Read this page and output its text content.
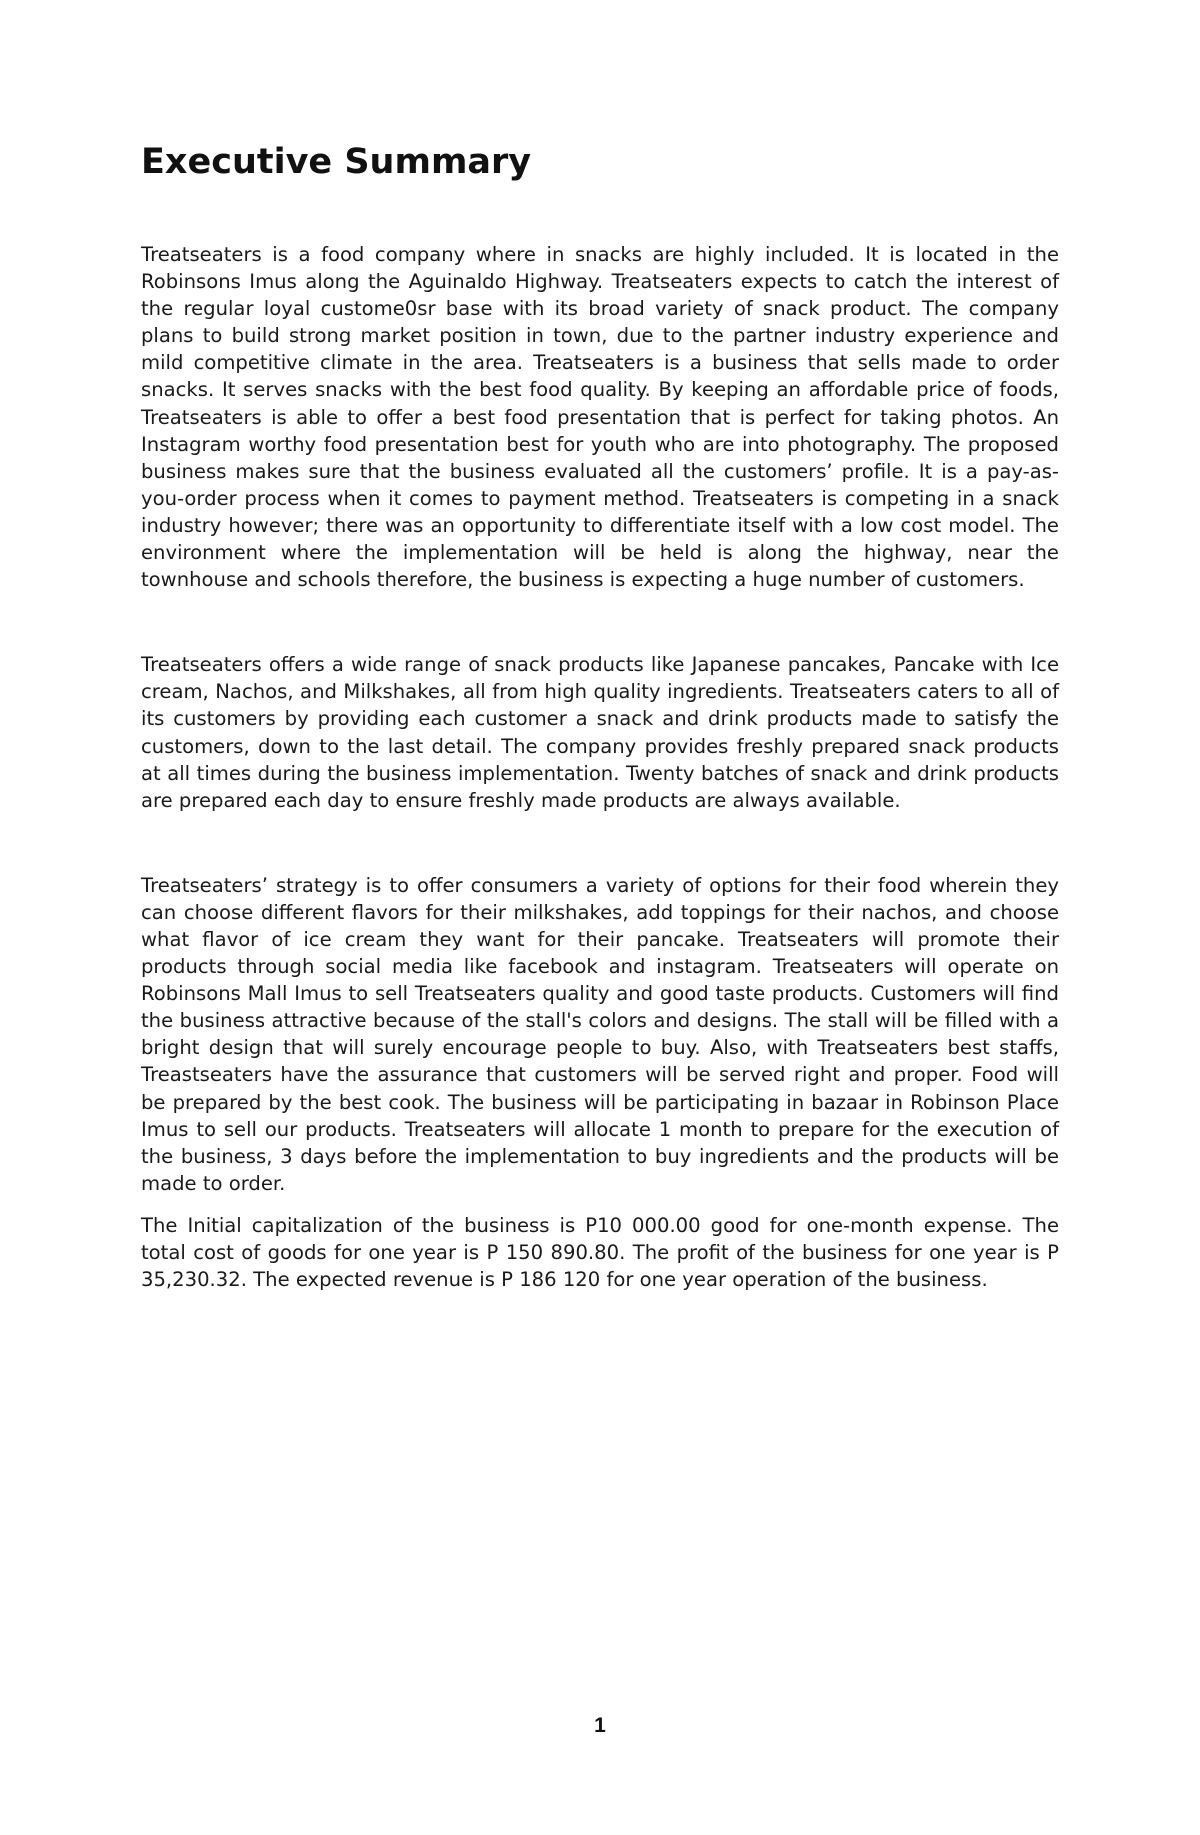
Executive Summary

Treatseaters is a food company where in snacks are highly included. It is located in the Robinsons Imus along the Aguinaldo Highway. Treatseaters expects to catch the interest of the regular loyal custome0sr base with its broad variety of snack product. The company plans to build strong market position in town, due to the partner industry experience and mild competitive climate in the area. Treatseaters is a business that sells made to order snacks. It serves snacks with the best food quality. By keeping an affordable price of foods, Treatseaters is able to offer a best food presentation that is perfect for taking photos. An Instagram worthy food presentation best for youth who are into photography. The proposed business makes sure that the business evaluated all the customers’ profile. It is a pay-as-you-order process when it comes to payment method. Treatseaters is competing in a snack industry however; there was an opportunity to differentiate itself with a low cost model. The environment where the implementation will be held is along the highway, near the townhouse and schools therefore, the business is expecting a huge number of customers.

Treatseaters offers a wide range of snack products like Japanese pancakes, Pancake with Ice cream, Nachos, and Milkshakes, all from high quality ingredients. Treatseaters caters to all of its customers by providing each customer a snack and drink products made to satisfy the customers, down to the last detail. The company provides freshly prepared snack products at all times during the business implementation. Twenty batches of snack and drink products are prepared each day to ensure freshly made products are always available.

Treatseaters’ strategy is to offer consumers a variety of options for their food wherein they can choose different flavors for their milkshakes, add toppings for their nachos, and choose what flavor of ice cream they want for their pancake. Treatseaters will promote their products through social media like facebook and instagram. Treatseaters will operate on Robinsons Mall Imus to sell Treatseaters quality and good taste products. Customers will find the business attractive because of the stall's colors and designs. The stall will be filled with a bright design that will surely encourage people to buy. Also, with Treatseaters best staffs, Treastseaters have the assurance that customers will be served right and proper. Food will be prepared by the best cook. The business will be participating in bazaar in Robinson Place Imus to sell our products. Treatseaters will allocate 1 month to prepare for the execution of the business, 3 days before the implementation to buy ingredients and the products will be made to order.

The Initial capitalization of the business is P10 000.00 good for one-month expense. The total cost of goods for one year is P 150 890.80. The profit of the business for one year is P 35,230.32. The expected revenue is P 186 120 for one year operation of the business.

1
